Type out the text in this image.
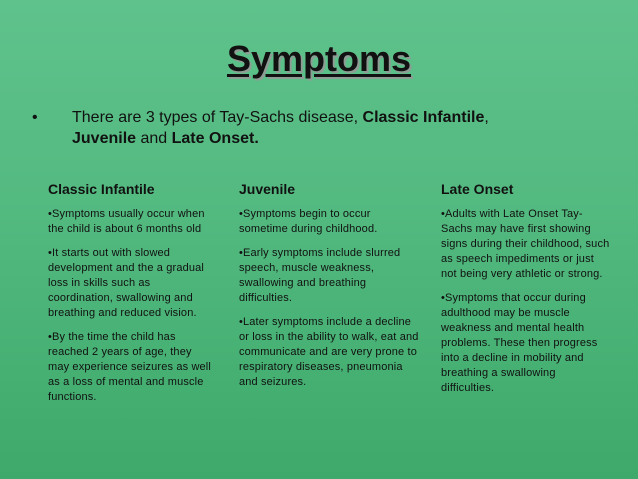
Symptoms
• There are 3 types of Tay-Sachs disease, Classic Infantile,
Juvenile and Late Onset.
Classic Infantile

•Symptoms usually occur when the child is about 6 months old

•It starts out with slowed development and the a gradual loss in skills such as coordination, swallowing and breathing and reduced vision.

•By the time the child has reached 2 years of age, they may experience seizures as well as a loss of mental and muscle functions.

Juvenile

•Symptoms begin to occur sometime during childhood.

•Early symptoms include slurred speech, muscle weakness, swallowing and breathing difficulties.

•Later symptoms include a decline or loss in the ability to walk, eat and communicate and are very prone to respiratory diseases, pneumonia and seizures.

Late Onset

•Adults with Late Onset Tay-Sachs may have first showing signs during their childhood, such as speech impediments or just not being very athletic or strong.

•Symptoms that occur during adulthood may be muscle weakness and mental health problems. These then progress into a decline in mobility and breathing a swallowing difficulties.
